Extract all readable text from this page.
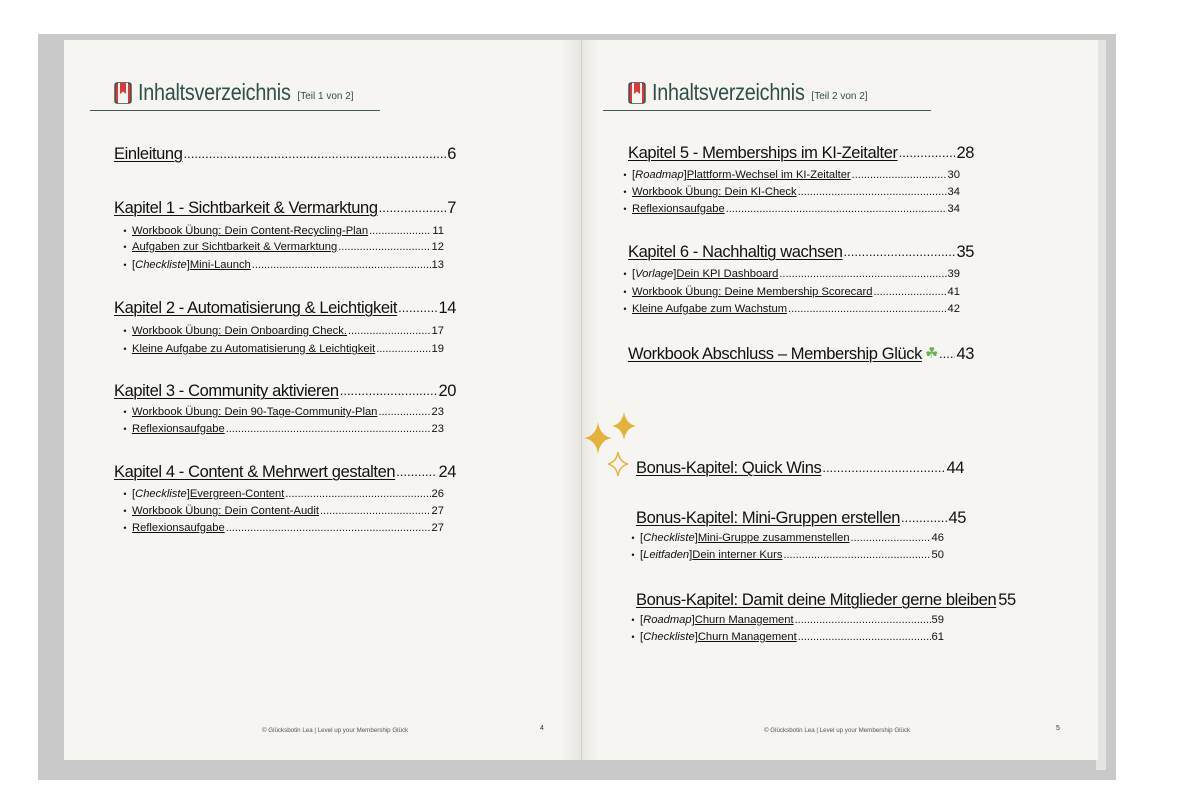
Inhaltsverzeichnis [Teil 1 von 2]	Inhaltsverzeichnis [Teil 2 von 2]
Einleitung .....	6
Kapitel 1 - Sichtbarkeit & Vermarktung .....	7
• Workbook Übung: Dein Content-Recycling-Plan .....	11
• Aufgaben zur Sichtbarkeit & Vermarktung .....	12
• [Checkliste] Mini-Launch .....	13
Kapitel 2 - Automatisierung & Leichtigkeit .....	14
• Workbook Übung: Dein Onboarding Check. .....	17
• Kleine Aufgabe zu Automatisierung & Leichtigkeit .....	19
Kapitel 3 - Community aktivieren .....	20
• Workbook Übung: Dein 90-Tage-Community-Plan .....	23
• Reflexionsaufgabe .....	23
Kapitel 4 - Content & Mehrwert gestalten .....	24
• [Checkliste] Evergreen-Content .....	26
• Workbook Übung: Dein Content-Audit .....	27
• Reflexionsaufgabe .....	27
Kapitel 5 - Memberships im KI-Zeitalter .....	28
• [Roadmap] Plattform-Wechsel im KI-Zeitalter .....	30
• Workbook Übung: Dein KI-Check .....	34
• Reflexionsaufgabe .....	34
Kapitel 6 - Nachhaltig wachsen .....	35
• [Vorlage] Dein KPI Dashboard .....	39
• Workbook Übung: Deine Membership Scorecard .....	41
• Kleine Aufgabe zum Wachstum .....	42
Workbook Abschluss – Membership Glück ☘ ..... 43
Bonus-Kapitel: Quick Wins .....	44
Bonus-Kapitel: Mini-Gruppen erstellen .....	45
• [Checkliste] Mini-Gruppe zusammenstellen .....	46
• [Leitfaden] Dein interner Kurs .....	50
Bonus-Kapitel: Damit deine Mitglieder gerne bleiben 55
• [Roadmap] Churn Management .....	59
• [Checkliste] Churn Management .....	61
© Glücksbotin Lea | Level up your Membership Glück	4	© Glücksbotin Lea | Level up your Membership Glück	5
